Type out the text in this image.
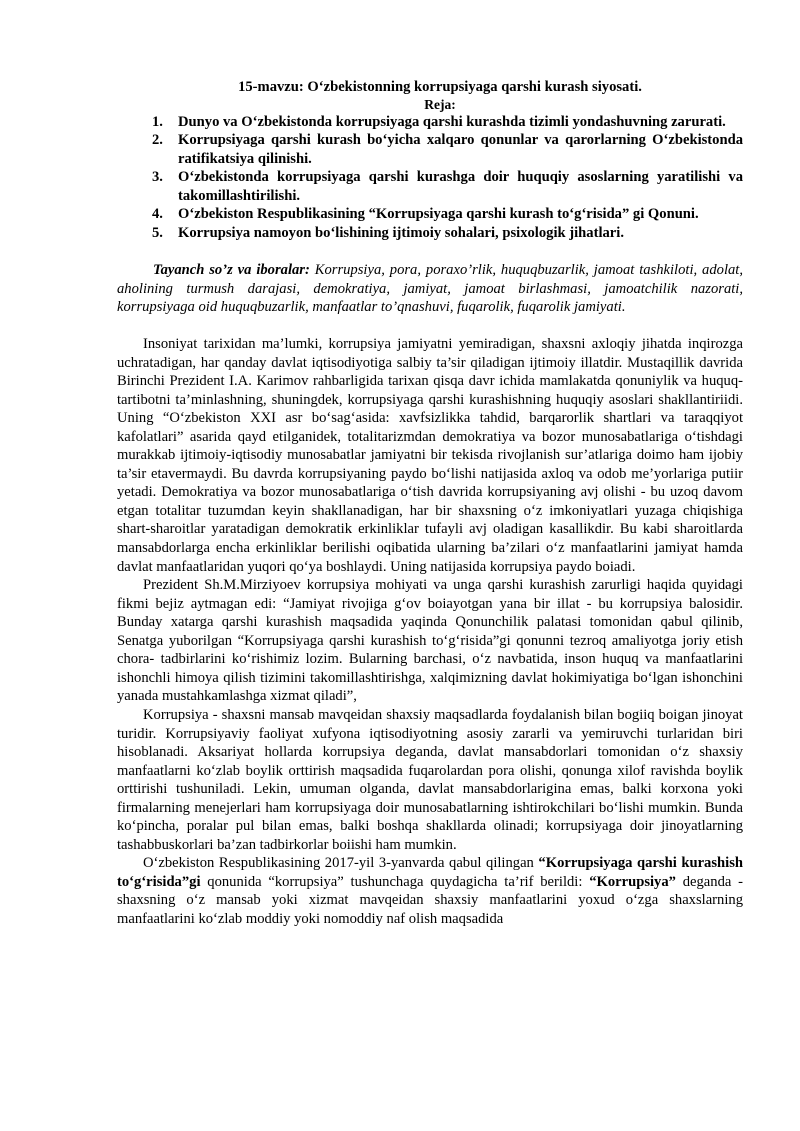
15-mavzu: O‘zbekistonning korrupsiyaga qarshi kurash siyosati.

Reja:

1. Dunyo va O‘zbekistonda korrupsiyaga qarshi kurashda tizimli yondashuvning zarurati.
2. Korrupsiyaga qarshi kurash bo‘yicha xalqaro qonunlar va qarorlarning O‘zbekistonda ratifikatsiya qilinishi.
3. O‘zbekistonda korrupsiyaga qarshi kurashga doir huquqiy asoslarning yaratilishi va takomillashtirilishi.
4. O‘zbekiston Respublikasining “Korrupsiyaga qarshi kurash to‘g‘risida” gi Qonuni.
5. Korrupsiya namoyon bo‘lishining ijtimoiy sohalari, psixologik jihatlari.

Tayanch so’z va iboralar: Korrupsiya, pora, poraxo’rlik, huquqbuzarlik, jamoat tashkiloti, adolat, aholining turmush darajasi, demokratiya, jamiyat, jamoat birlashmasi, jamoatchilik nazorati, korrupsiyaga oid huquqbuzarlik, manfaatlar to’qnashuvi, fuqarolik, fuqarolik jamiyati.

Insoniyat tarixidan ma’lumki, korrupsiya jamiyatni yemiradigan, shaxsni axloqiy jihatda inqirozga uchratadigan, har qanday davlat iqtisodiyotiga salbiy ta’sir qiladigan ijtimoiy illatdir. Mustaqillik davrida Birinchi Prezident I.A. Karimov rahbarligida tarixan qisqa davr ichida mamlakatda qonuniylik va huquq-tartibotni ta’minlashning, shuningdek, korrupsiyaga qarshi kurashishning huquqiy asoslari shakllantiriidi. Uning “O‘zbekiston XXI asr bo‘sag‘asida: xavfsizlikka tahdid, barqarorlik shartlari va taraqqiyot kafolatlari” asarida qayd etilganidek, totalitarizmdan demokratiya va bozor munosabatlariga o‘tishdagi murakkab ijtimoiy-iqtisodiy munosabatlar jamiyatni bir tekisda rivojlanish sur’atlariga doimo ham ijobiy ta’sir etavermaydi. Bu davrda korrupsiyaning paydo bo‘lishi natijasida axloq va odob me’yorlariga putiir yetadi. Demokratiya va bozor munosabatlariga o‘tish davrida korrupsiyaning avj olishi - bu uzoq davom etgan totalitar tuzumdan keyin shakllanadigan, har bir shaxsning o‘z imkoniyatlari yuzaga chiqishiga shart-sharoitlar yaratadigan demokratik erkinliklar tufayli avj oladigan kasallikdir. Bu kabi sharoitlarda mansabdorlarga encha erkinliklar berilishi oqibatida ularning ba’zilari o‘z manfaatlarini jamiyat hamda davlat manfaatlaridan yuqori qo‘ya boshlaydi. Uning natijasida korrupsiya paydo boiadi.

Prezident Sh.M.Mirziyoev korrupsiya mohiyati va unga qarshi kurashish zarurligi haqida quyidagi fikmi bejiz aytmagan edi: “Jamiyat rivojiga g‘ov boiayotgan yana bir illat - bu korrupsiya balosidir. Bunday xatarga qarshi kurashish maqsadida yaqinda Qonunchilik palatasi tomonidan qabul qilinib, Senatga yuborilgan “Korrupsiyaga qarshi kurashish to‘g‘risida”gi qonunni tezroq amaliyotga joriy etish chora- tadbirlarini ko‘rishimiz lozim. Bularning barchasi, o‘z navbatida, inson huquq va manfaatlarini ishonchli himoya qilish tizimini takomillashtirishga, xalqimizning davlat hokimiyatiga bo‘lgan ishonchini yanada mustahkamlashga xizmat qiladi”,

Korrupsiya - shaxsni mansab mavqeidan shaxsiy maqsadlarda foydalanish bilan bogiiq boigan jinoyat turidir. Korrupsiyaviy faoliyat xufyona iqtisodiyotning asosiy zararli va yemiruvchi turlaridan biri hisoblanadi. Aksariyat hollarda korrupsiya deganda, davlat mansabdorlari tomonidan o‘z shaxsiy manfaatlarni ko‘zlab boylik orttirish maqsadida fuqarolardan pora olishi, qonunga xilof ravishda boylik orttirishi tushuniladi. Lekin, umuman olganda, davlat mansabdorlarigina emas, balki korxona yoki firmalarning menejerlari ham korrupsiyaga doir munosabatlarning ishtirokchilari bo‘lishi mumkin. Bunda ko‘pincha, poralar pul bilan emas, balki boshqa shakllarda olinadi; korrupsiyaga doir jinoyatlarning tashabbuskorlari ba’zan tadbirkorlar boiishi ham mumkin.

O‘zbekiston Respublikasining 2017-yil 3-yanvarda qabul qilingan “Korrupsiyaga qarshi kurashish to‘g‘risida”gi qonunida “korrupsiya” tushunchaga quydagicha ta’rif berildi: “Korrupsiya” deganda - shaxsning o‘z mansab yoki xizmat mavqeidan shaxsiy manfaatlarini yoxud o‘zga shaxslarning manfaatlarini ko‘zlab moddiy yoki nomoddiy naf olish maqsadida
